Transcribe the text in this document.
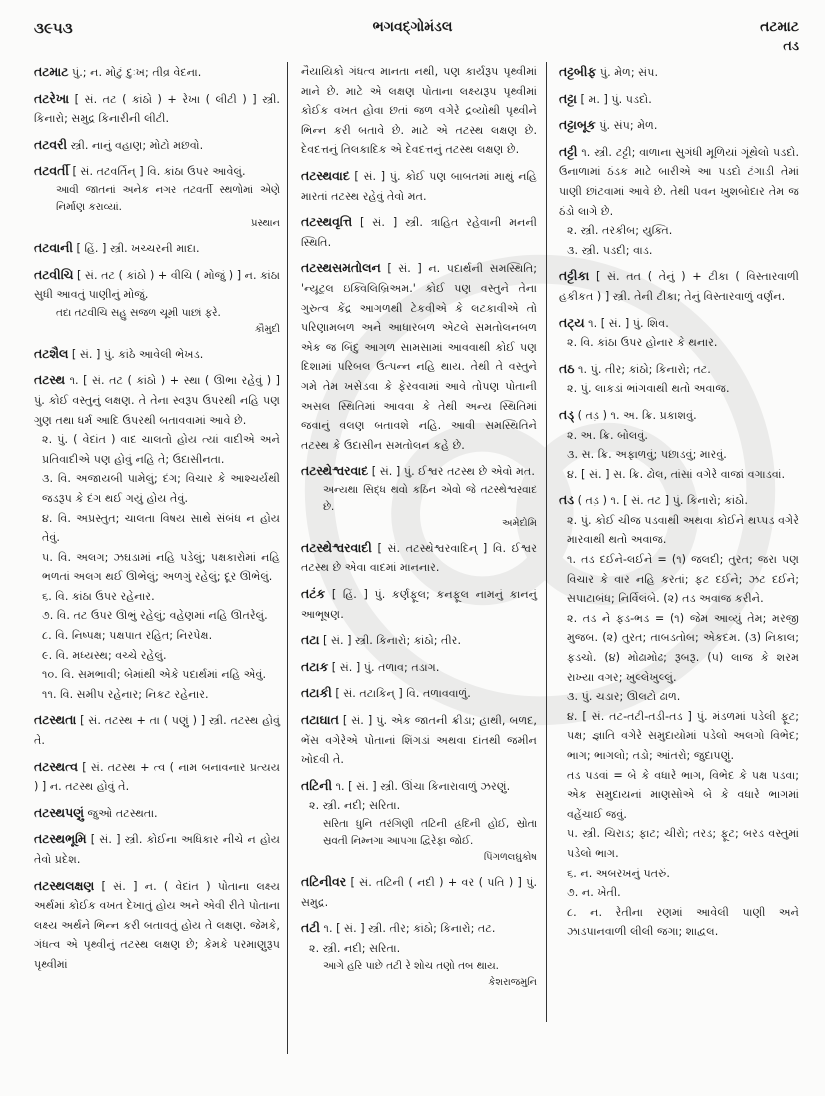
૩૯૫૩	ભગવદ્ગોમંડલ	તટમાટ
તડ
તટમાટ પું.; ન. મોટું દુઃખ; તીવ્ર વેદના.
તટરેખા [ સં. તટ ( કાંઠો ) + રેખા ( લીટી ) ] સ્ત્રી. કિનારો; સમુદ્ર કિનારીની લીટી.
તટવરી સ્ત્રી. નાનું વહાણ; મોટો મછવો.
તટવર્તી [ સં. તટવર્તિન્ ] વિ. કાંઠા ઉપર આવેલું.
આવી જાતનાં અનેક નગર તટવર્તી સ્થળોમાં એણે નિર્માણ કરાવ્યાં.
પ્રસ્થાન
તટવાની [ હિં. ] સ્ત્રી. ખચ્ચરની માદા.
તટવીચિ [ સં. તટ ( કાંઠો ) + વીચિ ( મોજું ) ] ન. કાંઠા સુધી આવતું પાણીનું મોજું.
તદા તટવીચિ સહુ સજળ ચૂમી પાછાં ફરે.
કૌમુદી
તટશૈલ [ સં. ] પું. કાંઠે આવેલી ભેખડ.
તટસ્થ ૧. [ સં. તટ ( કાંઠો ) + સ્થા ( ઊભા રહેવું ) ] પું. કોઈ વસ્તુનું લક્ષણ. તે તેના સ્વરૂપ ઉપરથી નહિ પણ ગુણ તથા ધર્મ આદિ ઉપરથી બતાવવામાં આવે છે.
૨. પું. ( વેદાંત ) વાદ ચાલતો હોય ત્યાં વાદીએ અને પ્રતિવાદીએ પણ હોવું નહિ તે; ઉદાસીનતા.
૩. વિ. અજાયબી પામેલું; દંગ; વિચાર કે આશ્ચર્યથી જડરૂપ કે દંગ થઈ ગયું હોય તેવું.
૪. વિ. અપ્રસ્તુત; ચાલતા વિષય સાથે સંબંધ ન હોય તેવું.
૫. વિ. અલગ; ઝઘડામાં નહિ પડેલું; પક્ષકારોમાં નહિ ભળતાં અલગ થઈ ઊભેલું; અળગું રહેલું; દૂર ઊભેલું.
૬. વિ. કાંઠા ઉપર રહેનાર.
૭. વિ. તટ ઉપર ઊભું રહેલું; વહેણમાં નહિ ઊતરેલું.
૮. વિ. નિષ્પક્ષ; પક્ષપાત રહિત; નિરપેક્ષ.
૯. વિ. મધ્યસ્થ; વચ્ચે રહેલું.
૧૦. વિ. સમભાવી; બેમાંથી એકે પદાર્થમાં નહિ એવું.
૧૧. વિ. સમીપ રહેનાર; નિકટ રહેનાર.
તટસ્થતા [ સં. તટસ્થ + તા ( પણું ) ] સ્ત્રી. તટસ્થ હોવું તે.
તટસ્થત્વ [ સં. તટસ્થ + ત્વ ( નામ બનાવનાર પ્રત્યય ) ] ન. તટસ્થ હોવું તે.
તટસ્થપણું જુઓ તટસ્થતા.
તટસ્થભૂમિ [ સં. ] સ્ત્રી. કોઈના અધિકાર નીચે ન હોય તેવો પ્રદેશ.
તટસ્થલક્ષણ [ સં. ] ન. ( વેદાંત ) પોતાના લક્ષ્ય અર્થમાં કોઈક વખત દેખાતું હોય અને એવી રીતે પોતાના લક્ષ્ય અર્થને ભિન્ન કરી બતાવતું હોય તે લક્ષણ. જેમકે, ગંધત્વ એ પૃથ્વીનું તટસ્થ લક્ષણ છે; કેમકે પરમાણુરૂપ પૃથ્વીમાં
નૈયાયિકો ગંધત્વ માનતા નથી, પણ કાર્યરૂપ પૃથ્વીમાં માને છે. માટે એ લક્ષણ પોતાના લક્ષ્યરૂપ પૃથ્વીમાં કોઈક વખત હોવા છતાં જળ વગેરે દ્રવ્યોથી પૃથ્વીને ભિન્ન કરી બતાવે છે. માટે એ તટસ્થ લક્ષણ છે. દેવદત્તનું તિલકાદિક એ દેવદત્તનું તટસ્થ લક્ષણ છે.
તટસ્થવાદ [ સં. ] પું. કોઈ પણ બાબતમાં માથું નહિ મારતાં તટસ્થ રહેવું તેવો મત.
તટસ્થવૃત્તિ [ સં. ] સ્ત્રી. ત્રાહિત રહેવાની મનની સ્થિતિ.
તટસ્થસમતોલન [ સં. ] ન. પદાર્થની સમસ્થિતિ; 'ન્યૂટ્રલ ઇક્વિલિબ્રિઅમ.' કોઈ પણ વસ્તુને તેના ગુરુત્વ કેંદ્ર આગળથી ટેકવીએ કે લટકાવીએ તો પરિણામબળ અને આધારબળ એટલે સમતોલનબળ એક જ બિંદુ આગળ સામસામાં આવવાથી કોઈ પણ દિશામાં પરિબલ ઉત્પન્ન નહિ થાય. તેથી તે વસ્તુને ગમે તેમ ખસેડવા કે ફેરવવામાં આવે તોપણ પોતાની અસલ સ્થિતિમાં આવવા કે તેથી અન્ય સ્થિતિમાં જવાનું વલણ બતાવશે નહિ. આવી સમસ્થિતિને તટસ્થ કે ઉદાસીન સમતોલન કહે છે.
તટસ્થેશ્વરવાદ [ સં. ] પું. ઈશ્વર તટસ્થ છે એવો મત.
અન્યથા સિદ્ધ થવો કઠિન એવો જે તટસ્થેશ્વરવાદ છે.
અમેદોમિ
તટસ્થેશ્વરવાદી [ સં. તટસ્થેશ્વરવાદિન્ ] વિ. ઈશ્વર તટસ્થ છે એવા વાદમાં માનનાર.
તટંક [ હિં. ] પું. કર્ણફૂલ; કનફૂલ નામનું કાનનું આભૂષણ.
તટા [ સં. ] સ્ત્રી. કિનારો; કાંઠો; તીર.
તટાક [ સં. ] પું. તળાવ; તડાગ.
તટાકી [ સં. તટાકિન્ ] વિ. તળાવવાળું.
તટાઘાત [ સં. ] પું. એક જાતની ક્રીડા; હાથી, બળદ, ભેંસ વગેરેએ પોતાનાં શિંગડાં અથવા દાંતથી જમીન ખોદવી તે.
તટિની ૧. [ સં. ] સ્ત્રી. ઊંચા કિનારાવાળું ઝરણું.
૨. સ્ત્રી. નદી; સરિતા.
સરિતા ધુનિ તરંગિણી તટિની હ્રદિની હોઈ, સ્રોતા સ્રવતી નિમ્નગા આપગા દ્વિરેફા જોઈ.
પિંગળલઘુકોષ
તટિનીવર [ સં. તટિની ( નદી ) + વર ( પતિ ) ] પું. સમુદ્ર.
તટી ૧. [ સં. ] સ્ત્રી. તીર; કાંઠો; કિનારો; તટ.
૨. સ્ત્રી. નદી; સરિતા.
આગે હરિ પાછે તટી રે શોચ તણો તબ થાય.
કેશરાજમુનિ
તટ્ટબીફ પું. મેળ; સંપ.
તટ્ટા [ મ. ] પું. પડદો.
તટ્ટાબૂક પું. સંપ; મેળ.
તટ્ટી ૧. સ્ત્રી. ટટ્ટી; વાળાના સુગંધી મૂળિયાં ગૂંથેલો પડદો. ઉનાળામાં ઠંડક માટે બારીએ આ પડદો ટંગાડી તેમાં પાણી છાંટવામાં આવે છે. તેથી પવન ખુશબોદાર તેમ જ ઠંડો લાગે છે.
૨. સ્ત્રી. તરકીબ; યુક્તિ.
૩. સ્ત્રી. પડદી; વાડ.
તટ્ટીકા [ સં. તત ( તેનું ) + ટીકા ( વિસ્તારવાળી હકીકત ) ] સ્ત્રી. તેની ટીકા; તેનું વિસ્તારવાળું વર્ણન.
તટ્ય ૧. [ સં. ] પું. શિવ.
૨. વિ. કાંઠા ઉપર હોનાર કે થનાર.
તઠ ૧. પું. તીર; કાંઠો; કિનારો; તટ.
૨. પું. લાકડાં ભાંગવાથી થતો અવાજ.
તડ્ ( તડ઼ ) ૧. અ. ક્રિ. પ્રકાશવું.
૨. અ. ક્રિ. બોલવું.
૩. સ. ક્રિ. અફાળવું; પછાડવું; મારવું.
૪. [ સં. ] સ. ક્રિ. ઢોલ, તાંસાં વગેરે વાજાં વગાડવાં.
તડ ( તડ઼ ) ૧. [ સં. તટ ] પું. કિનારો; કાંઠો.
૨. પું. કોઈ ચીજ પડવાથી અથવા કોઈને થપ્પડ વગેરે મારવાથી થતો અવાજ.
૧. તડ દઈને-લઈને = (૧) જલદી; તુરત; જરા પણ વિચાર કે વાર નહિ કરતાં; ફટ દઈને; ઝટ દઈને; સપાટાબંધ; નિર્વિલંબે. (૨) તડ અવાજ કરીને.
૨. તડ ને ફડ-ભડ = (૧) જેમ આવ્યું તેમ; મરજી મુજબ. (૨) તુરત; તાબડતોબ; એકદમ. (૩) નિકાલ; ફડચો. (૪) મોઢામોઢ; રૂબરૂ. (૫) લાજ કે શરમ રાખ્યા વગર; ખુલ્લેખુલ્લું.
૩. પું. ચડાર; ઊલટો ઢાળ.
૪. [ સં. તટ-તટી-તડી-તડ ] પું. મંડળમાં પડેલી ફૂટ; પક્ષ; જ્ઞાતિ વગેરે સમુદાયોમાં પડેલો અલગો વિભેદ; ભાગ; ભાગલો; તડો; આંતરો; જુદાપણું.
તડ પડવાં = બે કે વધારે ભાગ, વિભેદ કે પક્ષ પડવા; એક સમુદાયનાં માણસોએ બે કે વધારે ભાગમાં વહેંચાઈ જવું.
૫. સ્ત્રી. ચિરાડ; ફાટ; ચીરો; તરડ; ફૂટ; બરડ વસ્તુમાં પડેલો ભાગ.
૬. ન. અબરખનું પતરું.
૭. ન. ખેતી.
૮. ન. રેતીના રણમાં આવેલી પાણી અને ઝાડપાનવાળી લીલી જગા; શાદ્વલ.
